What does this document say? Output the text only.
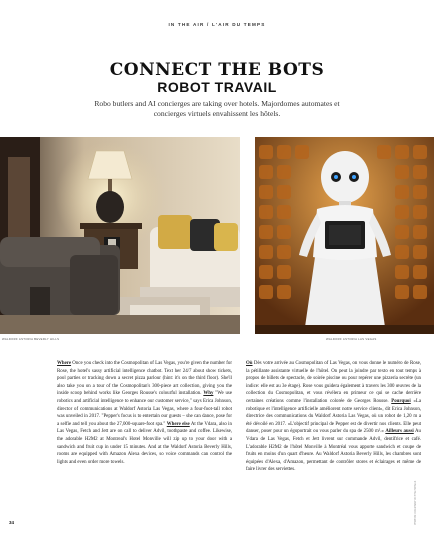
IN THE AIR / L'AIR DU TEMPS
CONNECT THE BOTS
ROBOT TRAVAIL
Robo butlers and AI concierges are taking over hotels. Majordomes automates et concierges virtuels envahissent les hôtels.
WALDORF ASTORIA BEVERLY HILLS	WALDORF ASTORIA LAS VEGAS
Where Once you check into the Cosmopolitan of Las Vegas, you're given the number for Rose, the hotel's sassy artificial intelligence chatbot. Text her 24/7 about show tickets, pool parties or tracking down a secret pizza parlour (hint: it's on the third floor). She'll also take you on a tour of the Cosmopolitan's 300-piece art collection, giving you the inside scoop behind works like Georges Rousse's colourful installation. Why "We use robotics and artificial intelligence to enhance our customer service," says Erica Johnson, director of communications at Waldorf Astoria Las Vegas, where a four-foot-tall robot was unveiled in 2017. "Pepper's focus is to entertain our guests – she can dance, pose for a selfie and tell you about the 27,000-square-foot spa." Where else At the Vdara, also in Las Vegas, Fetch and Jett are on call to deliver Advil, toothpaste and coffee. Likewise, the adorable H2M2 at Montreal's Hotel Monville will zip up to your door with a sandwich and fruit cup in under 15 minutes. And at the Waldorf Astoria Beverly Hills, rooms are equipped with Amazon Alexa devices, so voice commands can control the lights and even order more towels.
Où Dès votre arrivée au Cosmopolitan of Las Vegas, on vous donne le numéro de Rose, la pétillante assistante virtuelle de l'hôtel. On peut la joindre par texto en tout temps à propos de billets de spectacle, de soirée piscine ou pour repérer une pizzeria secrète (un indice: elle est au 3e étage). Rose vous guidera également à travers les 300 œuvres de la collection du Cosmopolitan, et vous révélera en primeur ce qui se cache derrière certaines créations comme l'installation colorée de Georges Rousse. Pourquoi «La robotique et l'intelligence artificielle améliorent notre service client», dit Erica Johnson, directrice des communications du Waldorf Astoria Las Vegas, où un robot de 1,20 m a été dévoilé en 2017. «L'objectif principal de Pepper est de divertir nos clients. Elle peut danser, poser pour un égoportrait ou vous parler du spa de 2500 m².» Ailleurs aussi Au Vdara de Las Vegas, Fetch et Jett livrent sur commande Advil, dentifrice et café. L'adorable H2M2 de l'hôtel Monville à Montréal vous apporte sandwich et coupe de fruits en moins d'un quart d'heure. Au Waldorf Astoria Beverly Hills, les chambres sont équipées d'Alexa, d'Amazon, permettant de contrôler stores et éclairages et même de faire livrer des serviettes.
PHOTOS: COURTESY OF THE HOTELS
34
